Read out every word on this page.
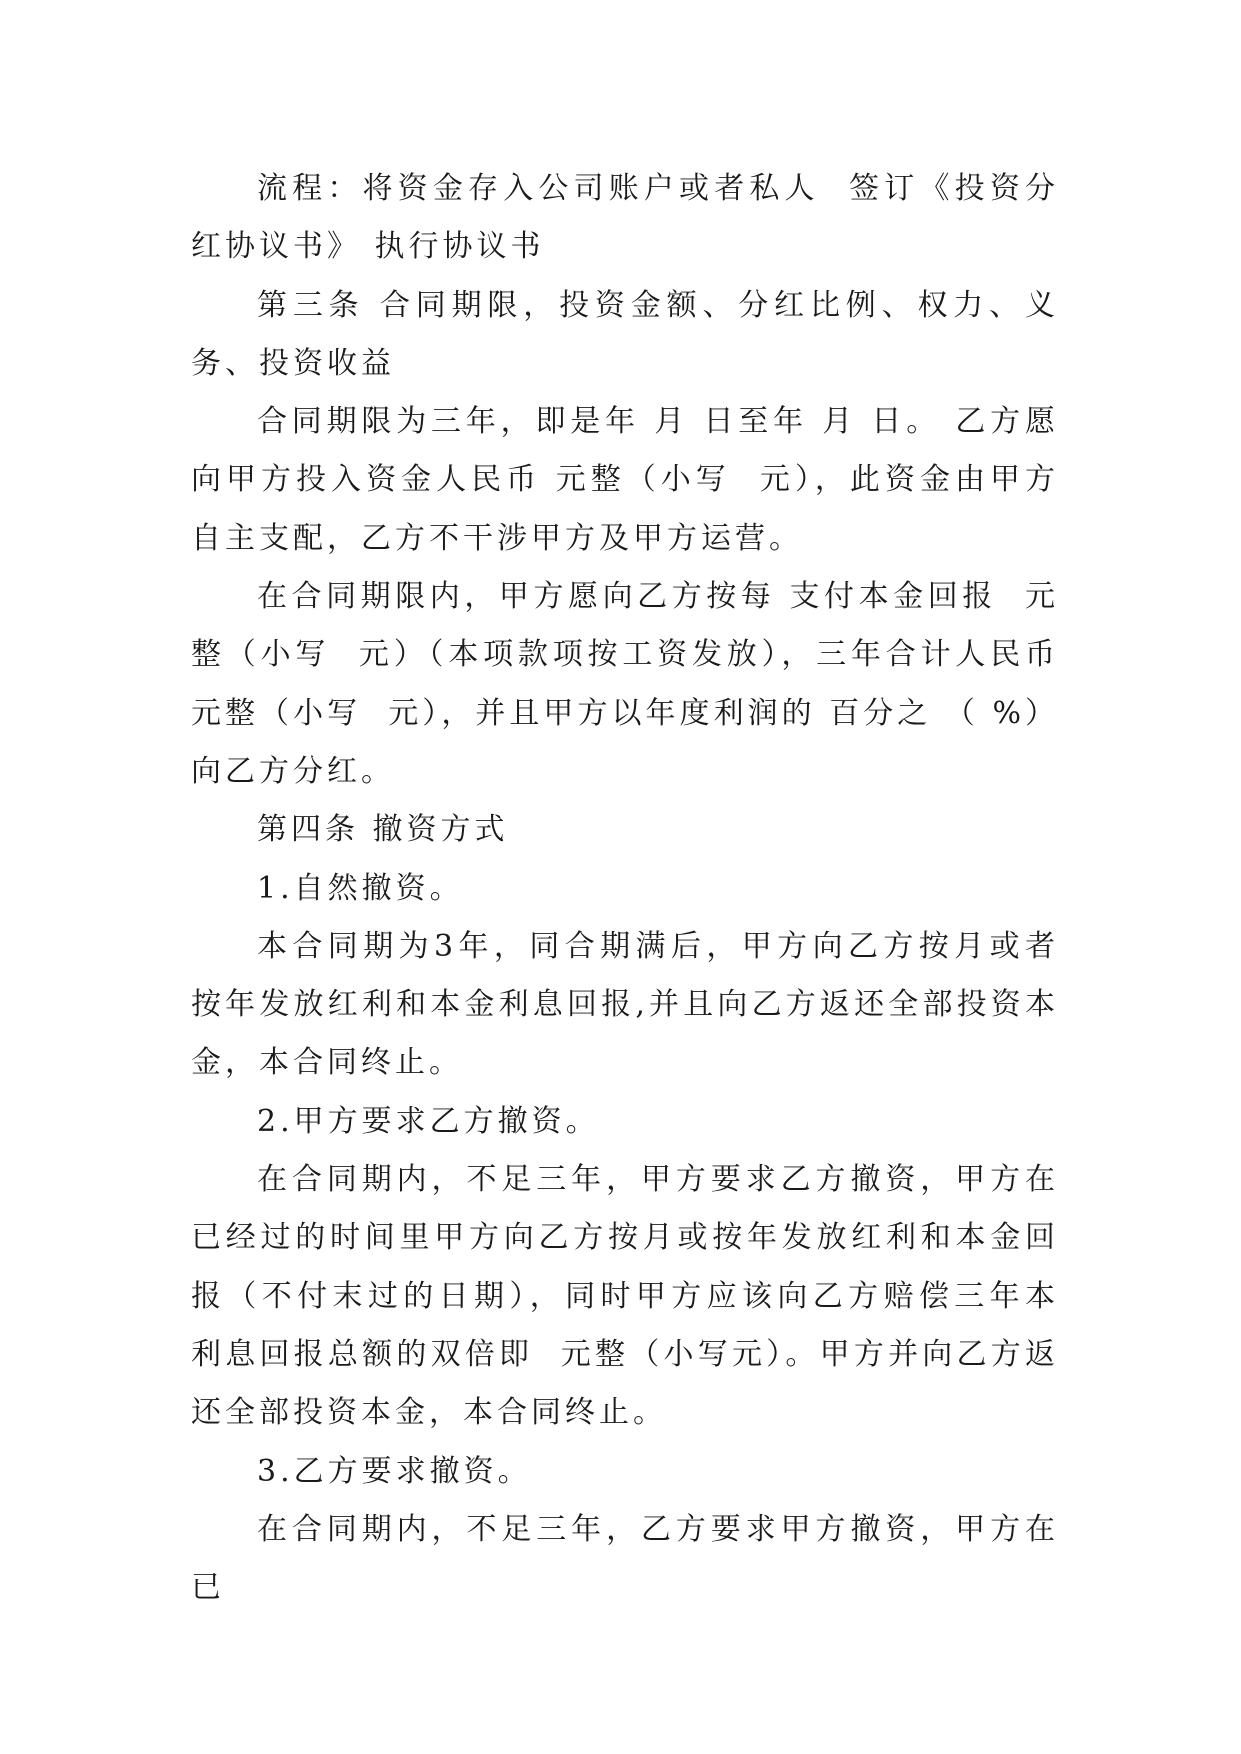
流程：将资金存入公司账户或者私人  签订《投资分红协议书》 执行协议书

第三条 合同期限，投资金额、分红比例、权力、义务、投资收益

合同期限为三年，即是年 月 日至年 月 日。 乙方愿向甲方投入资金人民币 元整（小写  元），此资金由甲方自主支配，乙方不干涉甲方及甲方运营。

在合同期限内，甲方愿向乙方按每 支付本金回报  元整（小写  元）（本项款项按工资发放），三年合计人民币 元整（小写  元），并且甲方以年度利润的 百分之 （ %）向乙方分红。

第四条 撤资方式

1.自然撤资。

本合同期为3年，同合期满后，甲方向乙方按月或者按年发放红利和本金利息回报,并且向乙方返还全部投资本金，本合同终止。

2.甲方要求乙方撤资。

在合同期内，不足三年，甲方要求乙方撤资，甲方在已经过的时间里甲方向乙方按月或按年发放红利和本金回报（不付末过的日期），同时甲方应该向乙方赔偿三年本利息回报总额的双倍即  元整（小写元）。甲方并向乙方返还全部投资本金，本合同终止。

3.乙方要求撤资。

在合同期内，不足三年，乙方要求甲方撤资，甲方在已
